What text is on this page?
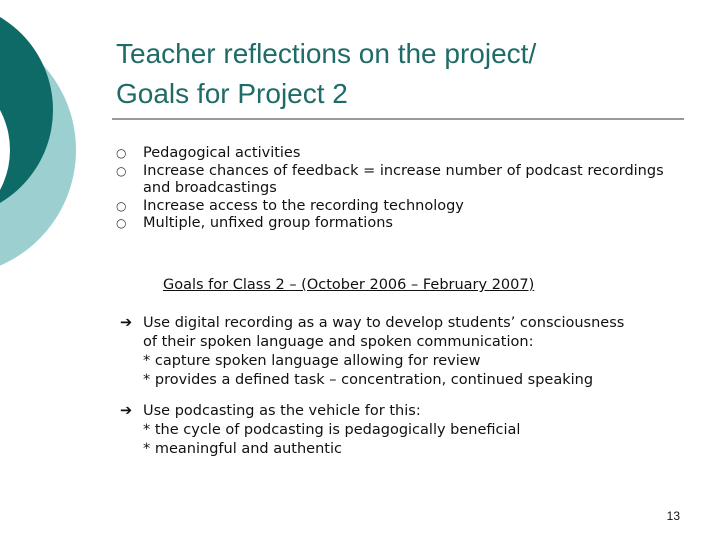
Teacher reflections on the project/
Goals for Project 2
○ Pedagogical activities
○ Increase chances of feedback = increase number of podcast recordings and broadcastings
○ Increase access to the recording technology
○ Multiple, unfixed group formations
Goals for Class 2 – (October 2006 – February 2007)
➔ Use digital recording as a way to develop students’ consciousness
of their spoken language and spoken communication:
* capture spoken language allowing for review
* provides a defined task – concentration, continued speaking
➔ Use podcasting as the vehicle for this:
* the cycle of podcasting is pedagogically beneficial
* meaningful and authentic
13
